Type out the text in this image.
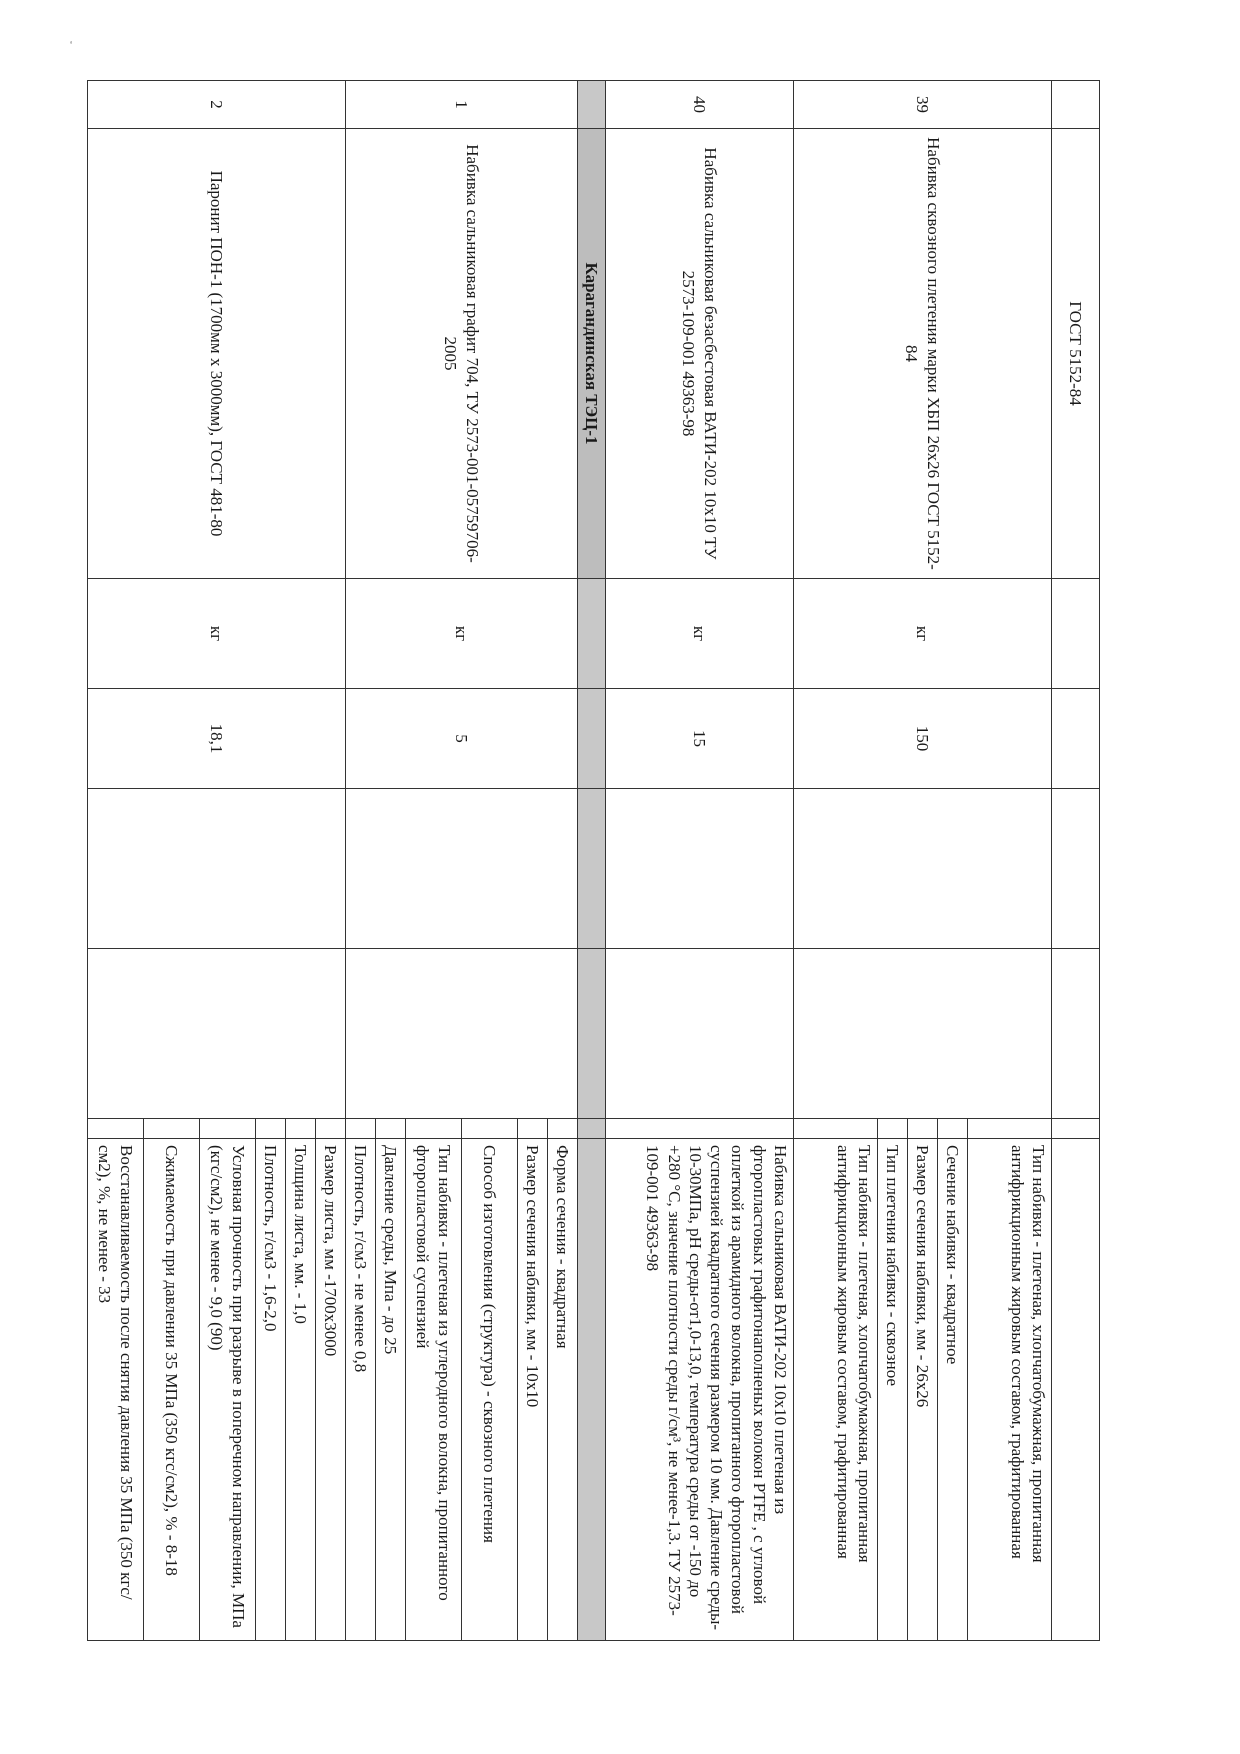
‘
	ГОСТ 5152-84						
39	Набивка сквозного плетения марки ХБП 26х26 ГОСТ 5152-84	кг	150				Тип набивки - плетеная, хлопчатобумажная, пропитанная антифрикционным жировым составом, графитированная
							Сечение набивки - квадратное
							Размер сечения набивки, мм - 26х26
							Тип плетения набивки - сквозное
							Тип набивки - плетеная, хлопчатобумажная, пропитанная антифрикционным жировым составом, графитированная
40	Набивка сальниковая безасбестовая ВАТИ-202 10х10 ТУ 2573-109-001 49363-98	кг	15				Набивка сальниковая ВАТИ-202 10х10 плетеная из фторопластовых графитонаполненых волокон PTFE , с угловой оплеткой из арамидного волокна, пропитанного фторопластовой суспензией квадратного сечения размером 10 мм. Давление среды- 10-30МПа, pH среды-от1,0-13,0, температура среды от -150 до +280 °С, значение плотности среды г/см³, не менее-1,3. ТУ 2573-109-001 49363-98
	Карагандинская ТЭЦ-1						
1	Набивка сальниковая графит 704, ТУ 2573-001-05759706-2005	кг	5				Форма сечения - квадратная
							Размер сечения набивки, мм - 10х10
							Способ изготовления (структура) - сквозного плетения
							Тип набивки - плетеная из углеродного волокна, пропитанного фторопластовой суспензией
							Давление среды, Мпа - до 25
							Плотность, г/см3 - не менее 0,8
2	Паронит ПОН-1 (1700мм х 3000мм), ГОСТ 481-80	кг	18,1				Размер листа, мм -1700х3000
							Толщина листа, мм. - 1,0
							Плотность, г/см3 - 1,6-2,0
							Условная прочность при разрыве в поперечном направлении, МПа (кгс/см2), не менее - 9,0 (90)
							Сжимаемость при давлении 35 МПа (350 кгс/см2), % - 8-18
							Восстанавливаемость после снятия давления 35 МПа (350 кгс/см2), %, не менее - 33
